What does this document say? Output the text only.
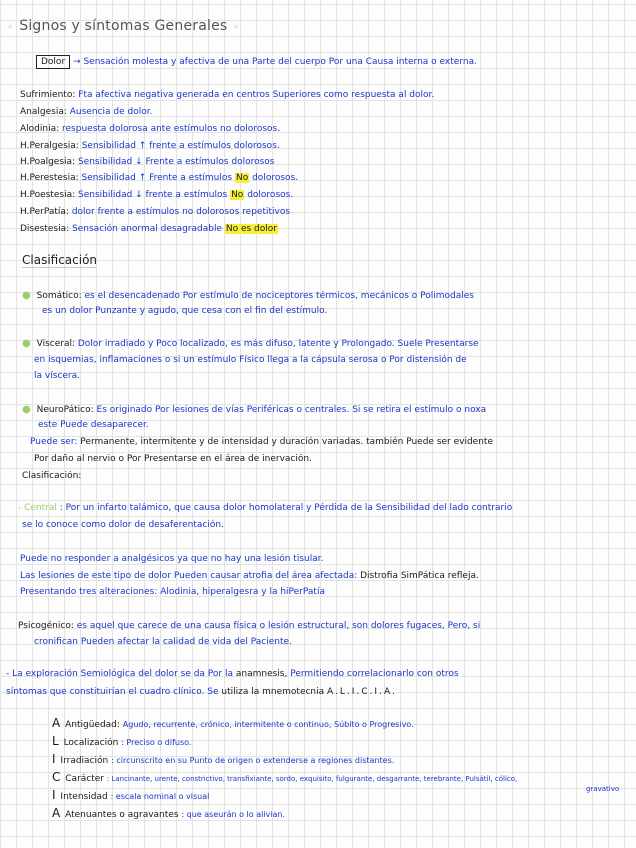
⚬ Signos y síntomas Generales ⚬
Dolor → Sensación molesta y afectiva de una Parte del cuerpo Por una Causa interna o externa.
Sufrimiento: Fta afectiva negativa generada en centros Superiores como respuesta al dolor.
Analgesia: Ausencia de dolor.
Alodinia: respuesta dolorosa ante estímulos no dolorosos.
H.Peralgesia: Sensibilidad ↑ frente a estímulos dolorosos.
H.Poalgesia: Sensibilidad ↓ Frente a estímulos dolorosos
H.Perestesia: Sensibilidad ↑ Frente a estímulos No dolorosos.
H.Poestesia: Sensibilidad ↓ frente a estímulos No dolorosos.
H.PerPatía: dolor frente a estímulos no dolorosos repetitivos
Disestesia: Sensación anormal desagradable No es dolor
Clasificación
● Somático: es el desencadenado Por estímulo de nociceptores térmicos, mecánicos o Polimodales
es un dolor Punzante y agudo, que cesa con el fin del estímulo.
● Visceral: Dolor irradiado y Poco localizado, es más difuso, latente y Prolongado. Suele Presentarse
en isquemias, inflamaciones o si un estímulo Físico llega a la cápsula serosa o Por distensión de
la víscera.
● NeuroPático: Es originado Por lesiones de vías Periféricas o centrales. Si se retira el estímulo o noxa
este Puede desaparecer.
Puede ser: Permanente, intermitente y de intensidad y duración variadas. también Puede ser evidente
Por daño al nervio o Por Presentarse en el área de inervación.
Clasificación:
- Central : Por un infarto talámico, que causa dolor homolateral y Pérdida de la Sensibilidad del lado contrario
se lo conoce como dolor de desaferentación.
Puede no responder a analgésicos ya que no hay una lesión tisular.
Las lesiones de este tipo de dolor Pueden causar atrofia del área afectada: Distrofia SimPática refleja.
Presentando tres alteraciones: Alodinia, hiperalgesra y la hiPerPatía
Psicogénico: es aquel que carece de una causa física o lesión estructural, son dolores fugaces, Pero, si
cronifican Pueden afectar la calidad de vida del Paciente.
- La exploración Semiológica del dolor se da Por la anamnesis, Permitiendo correlacionarlo con otros
síntomas que constituirían el cuadro clínico. Se utiliza la mnemotecnia A.L.I.C.I.A.
A Antigüedad: Agudo, recurrente, crónico, intermitente o continuo, Súbito o Progresivo.
L Localización : Preciso o difuso.
I Irradiación : circunscrito en su Punto de origen o extenderse a regiones distantes.
C Carácter : Lancinante, urente, constrictivo, transfixiante, sordo, exquisito, fulgurante, desgarrante, terebrante, Pulsátil, cólico,
gravativo
I Intensidad : escala nominal o visual
A Atenuantes o agravantes : que aseurán o lo alivian.
